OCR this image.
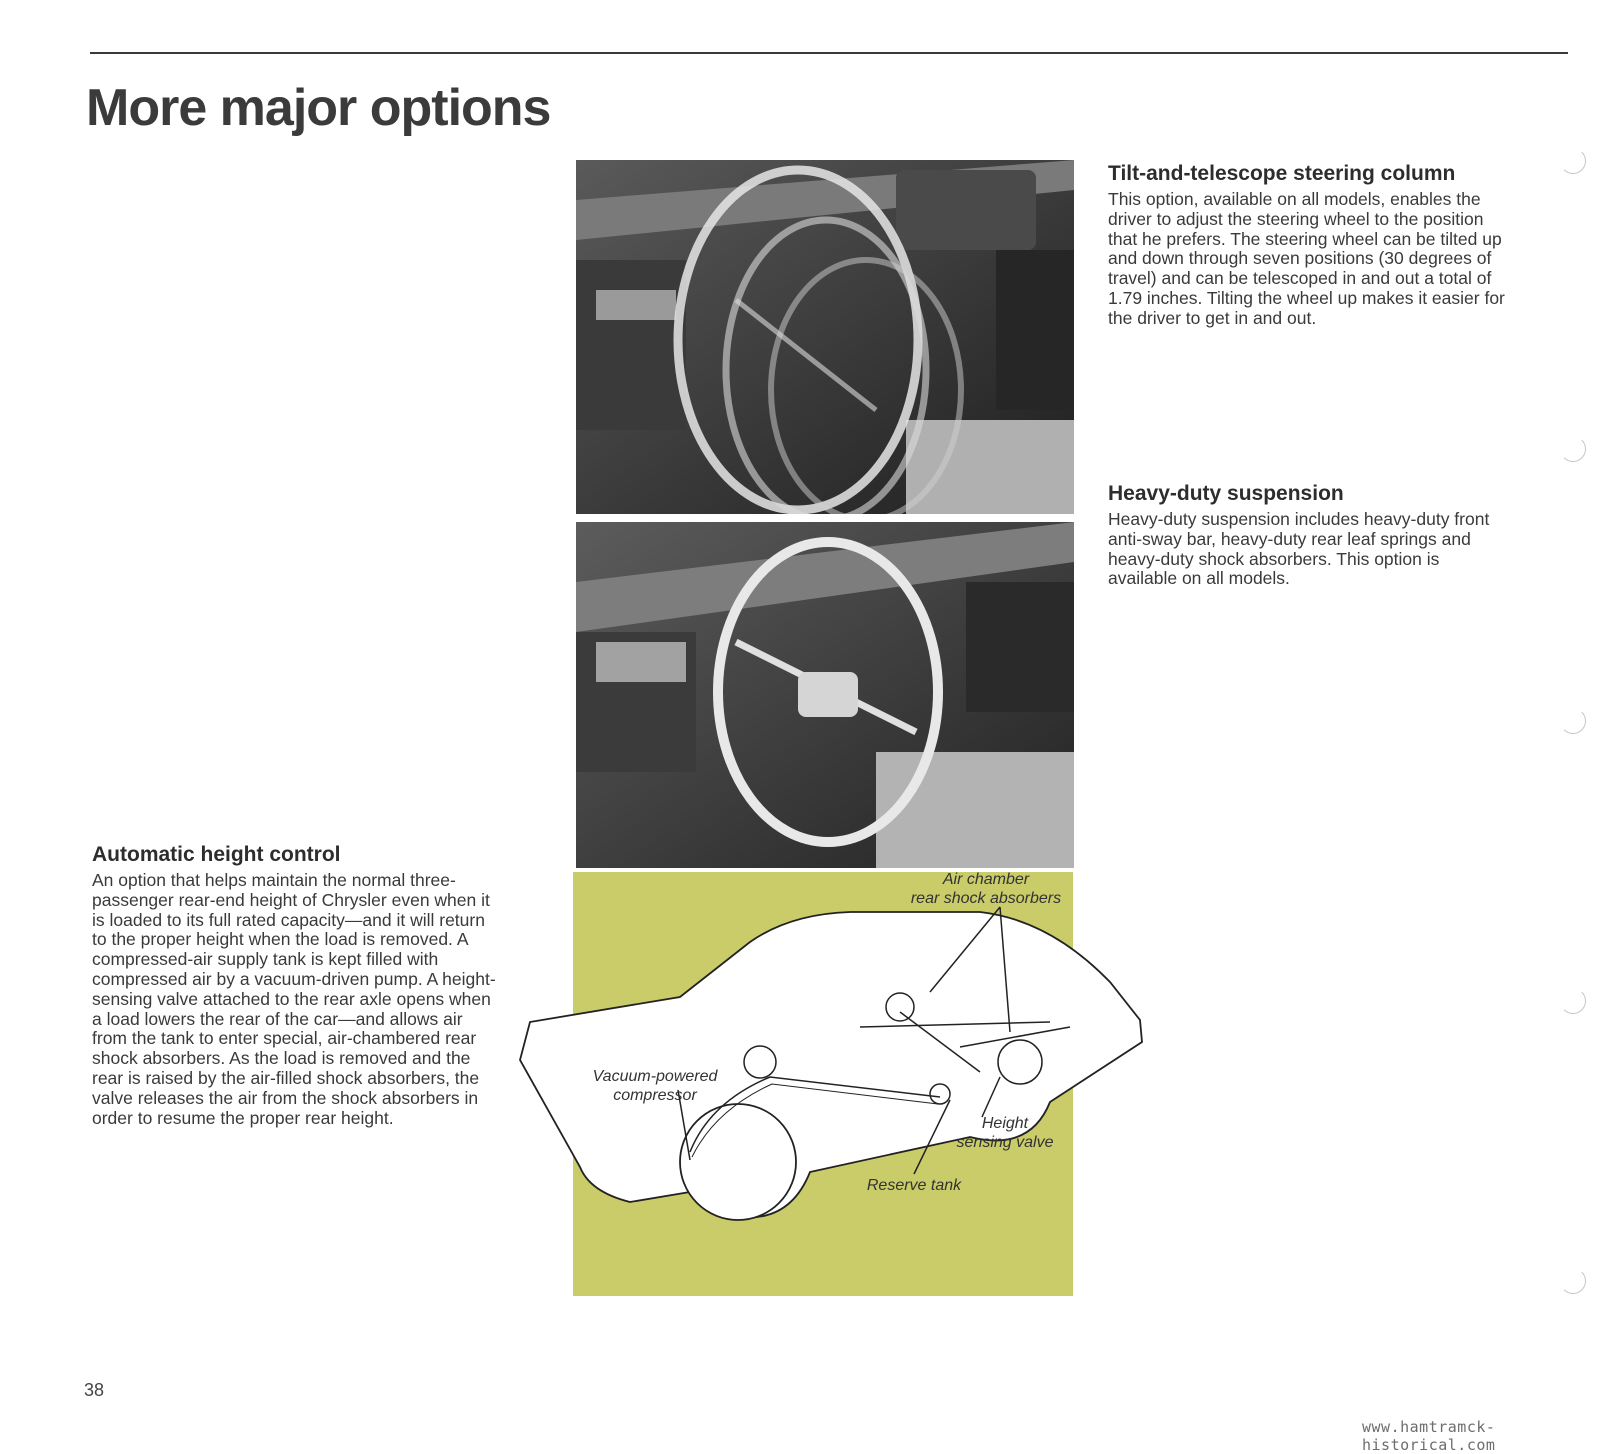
More major options
Air chamber
rear shock absorbers
Vacuum-powered
compressor
Height
sensing valve
Reserve tank
Tilt-and-telescope steering column

This option, available on all models, enables the driver to adjust the steering wheel to the position that he prefers. The steering wheel can be tilted up and down through seven positions (30 degrees of travel) and can be telescoped in and out a total of 1.79 inches. Tilting the wheel up makes it easier for the driver to get in and out.

Heavy-duty suspension

Heavy-duty suspension includes heavy-duty front anti-sway bar, heavy-duty rear leaf springs and heavy-duty shock absorbers. This option is available on all models.

Automatic height control

An option that helps maintain the normal three-passenger rear-end height of Chrysler even when it is loaded to its full rated capacity—and it will return to the proper height when the load is removed. A compressed-air supply tank is kept filled with compressed air by a vacuum-driven pump. A height-sensing valve attached to the rear axle opens when a load lowers the rear of the car—and allows air from the tank to enter special, air-chambered rear shock absorbers. As the load is removed and the rear is raised by the air-filled shock absorbers, the valve releases the air from the shock absorbers in order to resume the proper rear height.

38
www.hamtramck-historical.com
